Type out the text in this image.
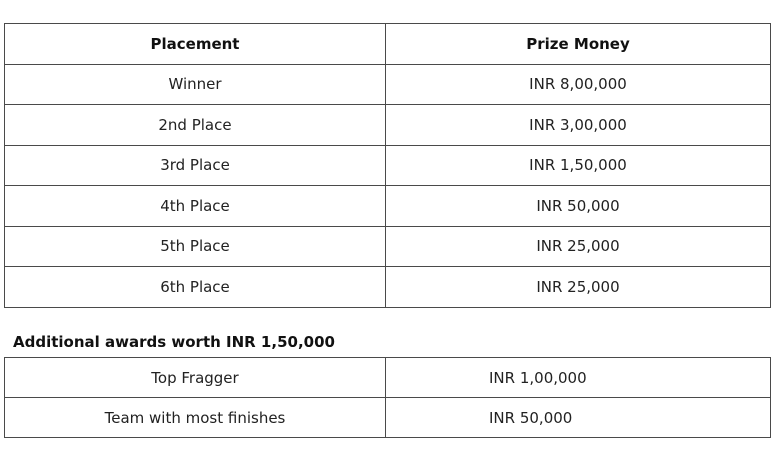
Placement	Prize Money
Winner	INR 8,00,000
2nd Place	INR 3,00,000
3rd Place	INR 1,50,000
4th Place	INR 50,000
5th Place	INR 25,000
6th Place	INR 25,000
Additional awards worth INR 1,50,000
Top Fragger	INR 1,00,000
Team with most finishes	INR 50,000
